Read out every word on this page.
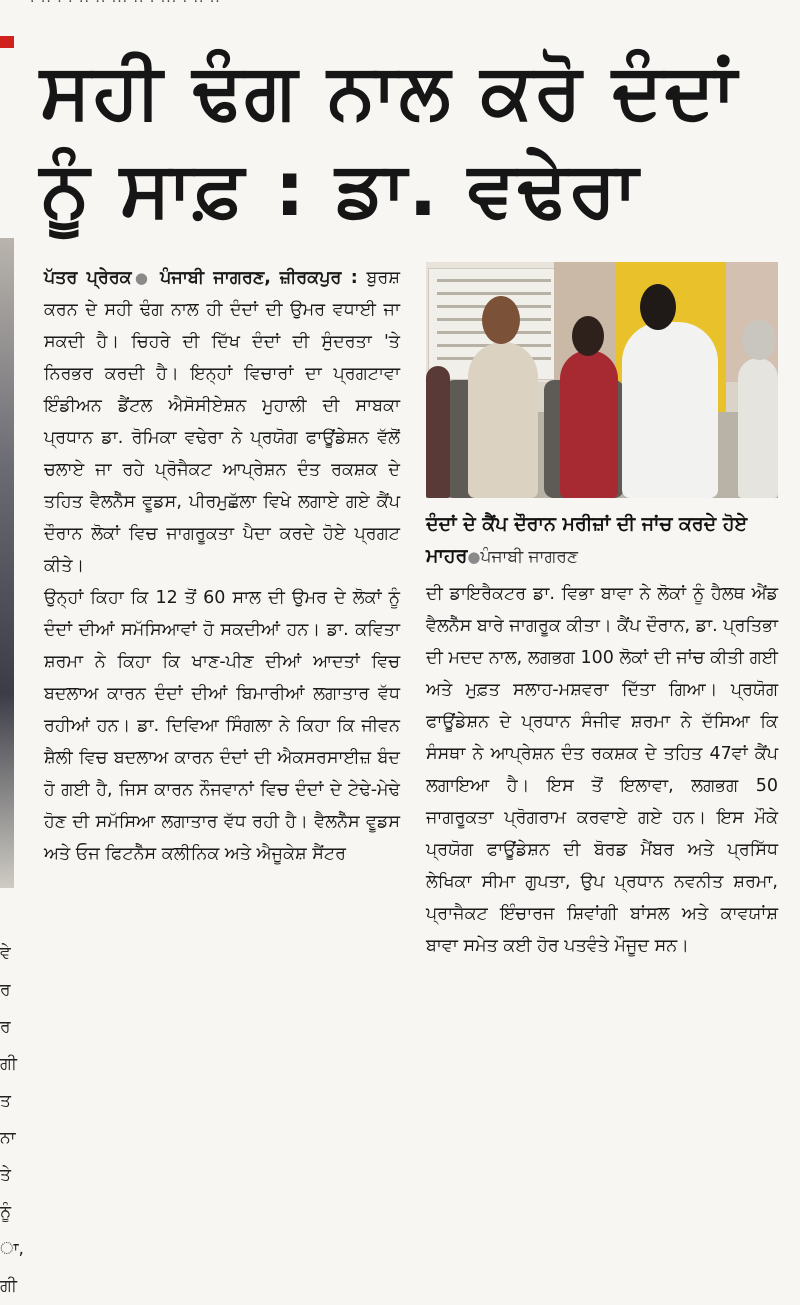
· ·· · · ·· ·· ··· ·· · ··· · ·· ··
ਸਹੀ ਢੰਗ ਨਾਲ ਕਰੋ ਦੰਦਾਂ ਨੂੰ ਸਾਫ਼ : ਡਾ. ਵਢੇਰਾ
ਵੇ
ਰ
ਰ
ਗੀ
ਤ
ਨਾ
ਤੇ
ਨੂੰ
ਾ,
ਗੀ

ਪੱਤਰ ਪ੍ਰੇਰਕ● ਪੰਜਾਬੀ ਜਾਗਰਣ, ਜ਼ੀਰਕਪੁਰ : ਬੁਰਸ਼ ਕਰਨ ਦੇ ਸਹੀ ਢੰਗ ਨਾਲ ਹੀ ਦੰਦਾਂ ਦੀ ਉਮਰ ਵਧਾਈ ਜਾ ਸਕਦੀ ਹੈ। ਚਿਹਰੇ ਦੀ ਦਿੱਖ ਦੰਦਾਂ ਦੀ ਸੁੰਦਰਤਾ 'ਤੇ ਨਿਰਭਰ ਕਰਦੀ ਹੈ। ਇਨ੍ਹਾਂ ਵਿਚਾਰਾਂ ਦਾ ਪ੍ਰਗਟਾਵਾ ਇੰਡੀਅਨ ਡੈਂਟਲ ਐਸੋਸੀਏਸ਼ਨ ਮੁਹਾਲੀ ਦੀ ਸਾਬਕਾ ਪ੍ਰਧਾਨ ਡਾ. ਰੋਮਿਕਾ ਵਢੇਰਾ ਨੇ ਪ੍ਰਯੋਗ ਫਾਊਂਡੇਸ਼ਨ ਵੱਲੋਂ ਚਲਾਏ ਜਾ ਰਹੇ ਪ੍ਰੋਜੈਕਟ ਆਪ੍ਰੇਸ਼ਨ ਦੰਤ ਰਕਸ਼ਕ ਦੇ ਤਹਿਤ ਵੈਲਨੈੱਸ ਵੂਡਸ, ਪੀਰਮੁਛੱਲਾ ਵਿਖੇ ਲਗਾਏ ਗਏ ਕੈਂਪ ਦੌਰਾਨ ਲੋਕਾਂ ਵਿਚ ਜਾਗਰੂਕਤਾ ਪੈਦਾ ਕਰਦੇ ਹੋਏ ਪ੍ਰਗਟ ਕੀਤੇ।

ਉਨ੍ਹਾਂ ਕਿਹਾ ਕਿ 12 ਤੋਂ 60 ਸਾਲ ਦੀ ਉਮਰ ਦੇ ਲੋਕਾਂ ਨੂੰ ਦੰਦਾਂ ਦੀਆਂ ਸਮੱਸਿਆਵਾਂ ਹੋ ਸਕਦੀਆਂ ਹਨ। ਡਾ. ਕਵਿਤਾ ਸ਼ਰਮਾ ਨੇ ਕਿਹਾ ਕਿ ਖਾਣ-ਪੀਣ ਦੀਆਂ ਆਦਤਾਂ ਵਿਚ ਬਦਲਾਅ ਕਾਰਨ ਦੰਦਾਂ ਦੀਆਂ ਬਿਮਾਰੀਆਂ ਲਗਾਤਾਰ ਵੱਧ ਰਹੀਆਂ ਹਨ। ਡਾ. ਦਿਵਿਆ ਸਿੰਗਲਾ ਨੇ ਕਿਹਾ ਕਿ ਜੀਵਨ ਸ਼ੈਲੀ ਵਿਚ ਬਦਲਾਅ ਕਾਰਨ ਦੰਦਾਂ ਦੀ ਐਕਸਰਸਾਈਜ਼ ਬੰਦ ਹੋ ਗਈ ਹੈ, ਜਿਸ ਕਾਰਨ ਨੌਜਵਾਨਾਂ ਵਿਚ ਦੰਦਾਂ ਦੇ ਟੇਢੇ-ਮੇਢੇ ਹੋਣ ਦੀ ਸਮੱਸਿਆ ਲਗਾਤਾਰ ਵੱਧ ਰਹੀ ਹੈ। ਵੈਲਨੈੱਸ ਵੂਡਸ ਅਤੇ ਓਜ ਫਿਟਨੈੱਸ ਕਲੀਨਿਕ ਅਤੇ ਐਜੂਕੇਸ਼ ਸੈਂਟਰ

ਦੰਦਾਂ ਦੇ ਕੈਂਪ ਦੌਰਾਨ ਮਰੀਜ਼ਾਂ ਦੀ ਜਾਂਚ ਕਰਦੇ ਹੋਏ ਮਾਹਰ●ਪੰਜਾਬੀ ਜਾਗਰਣ

ਦੀ ਡਾਇਰੈਕਟਰ ਡਾ. ਵਿਭਾ ਬਾਵਾ ਨੇ ਲੋਕਾਂ ਨੂੰ ਹੈਲਥ ਐਂਡ ਵੈਲਨੈੱਸ ਬਾਰੇ ਜਾਗਰੂਕ ਕੀਤਾ। ਕੈਂਪ ਦੌਰਾਨ, ਡਾ. ਪ੍ਰਤਿਭਾ ਦੀ ਮਦਦ ਨਾਲ, ਲਗਭਗ 100 ਲੋਕਾਂ ਦੀ ਜਾਂਚ ਕੀਤੀ ਗਈ ਅਤੇ ਮੁਫ਼ਤ ਸਲਾਹ-ਮਸ਼ਵਰਾ ਦਿੱਤਾ ਗਿਆ। ਪ੍ਰਯੋਗ ਫਾਊਂਡੇਸ਼ਨ ਦੇ ਪ੍ਰਧਾਨ ਸੰਜੀਵ ਸ਼ਰਮਾ ਨੇ ਦੱਸਿਆ ਕਿ ਸੰਸਥਾ ਨੇ ਆਪ੍ਰੇਸ਼ਨ ਦੰਤ ਰਕਸ਼ਕ ਦੇ ਤਹਿਤ 47ਵਾਂ ਕੈਂਪ ਲਗਾਇਆ ਹੈ। ਇਸ ਤੋਂ ਇਲਾਵਾ, ਲਗਭਗ 50 ਜਾਗਰੂਕਤਾ ਪ੍ਰੋਗਰਾਮ ਕਰਵਾਏ ਗਏ ਹਨ। ਇਸ ਮੌਕੇ ਪ੍ਰਯੋਗ ਫਾਊਂਡੇਸ਼ਨ ਦੀ ਬੋਰਡ ਮੈਂਬਰ ਅਤੇ ਪ੍ਰਸਿੱਧ ਲੇਖਿਕਾ ਸੀਮਾ ਗੁਪਤਾ, ਉਪ ਪ੍ਰਧਾਨ ਨਵਨੀਤ ਸ਼ਰਮਾ, ਪ੍ਰਾਜੈਕਟ ਇੰਚਾਰਜ ਸ਼ਿਵਾਂਗੀ ਬਾਂਸਲ ਅਤੇ ਕਾਵਯਾਂਸ਼ ਬਾਵਾ ਸਮੇਤ ਕਈ ਹੋਰ ਪਤਵੰਤੇ ਮੌਜੂਦ ਸਨ।
